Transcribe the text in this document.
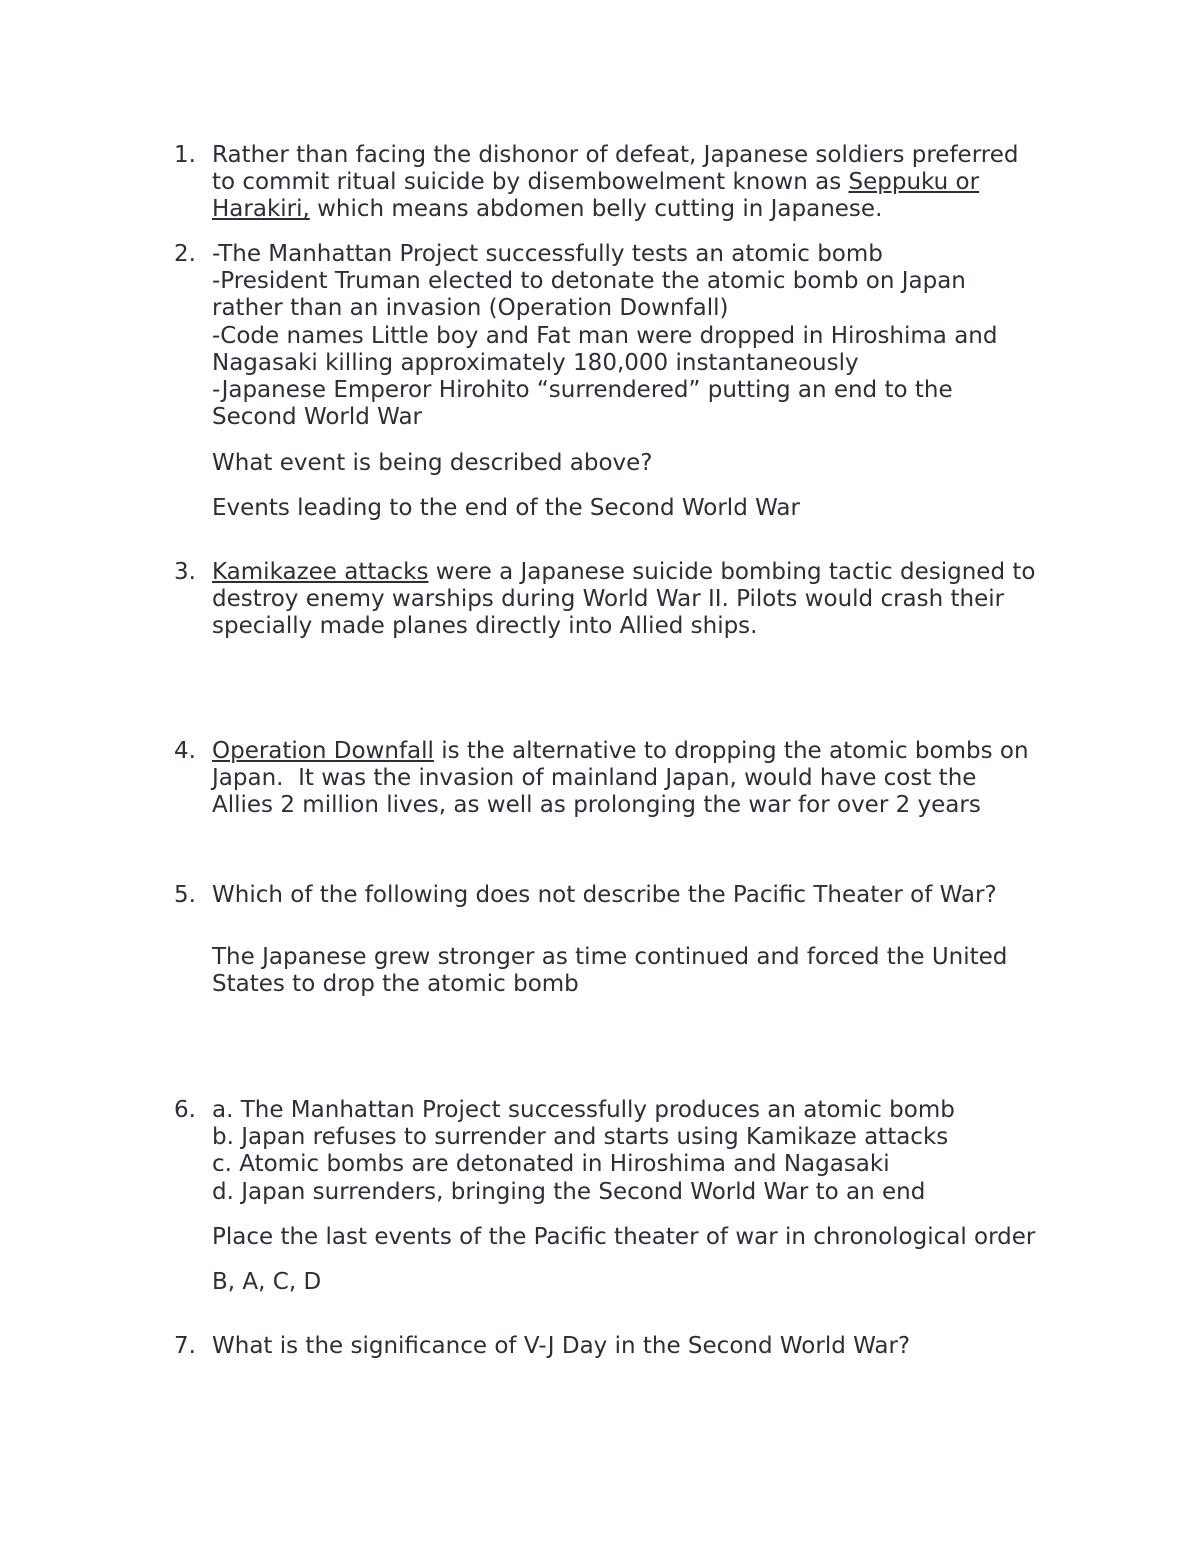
1. Rather than facing the dishonor of defeat, Japanese soldiers preferred
to commit ritual suicide by disembowelment known as Seppuku or
Harakiri, which means abdomen belly cutting in Japanese.
2. -The Manhattan Project successfully tests an atomic bomb
-President Truman elected to detonate the atomic bomb on Japan
rather than an invasion (Operation Downfall)
-Code names Little boy and Fat man were dropped in Hiroshima and
Nagasaki killing approximately 180,000 instantaneously
-Japanese Emperor Hirohito “surrendered” putting an end to the
Second World War
What event is being described above?
Events leading to the end of the Second World War
3. Kamikazee attacks were a Japanese suicide bombing tactic designed to
destroy enemy warships during World War II. Pilots would crash their
specially made planes directly into Allied ships.
4. Operation Downfall is the alternative to dropping the atomic bombs on
Japan.  It was the invasion of mainland Japan, would have cost the
Allies 2 million lives, as well as prolonging the war for over 2 years
5. Which of the following does not describe the Pacific Theater of War?
The Japanese grew stronger as time continued and forced the United
States to drop the atomic bomb
6. a. The Manhattan Project successfully produces an atomic bomb
b. Japan refuses to surrender and starts using Kamikaze attacks
c. Atomic bombs are detonated in Hiroshima and Nagasaki
d. Japan surrenders, bringing the Second World War to an end
Place the last events of the Pacific theater of war in chronological order
B, A, C, D
7. What is the significance of V-J Day in the Second World War?
